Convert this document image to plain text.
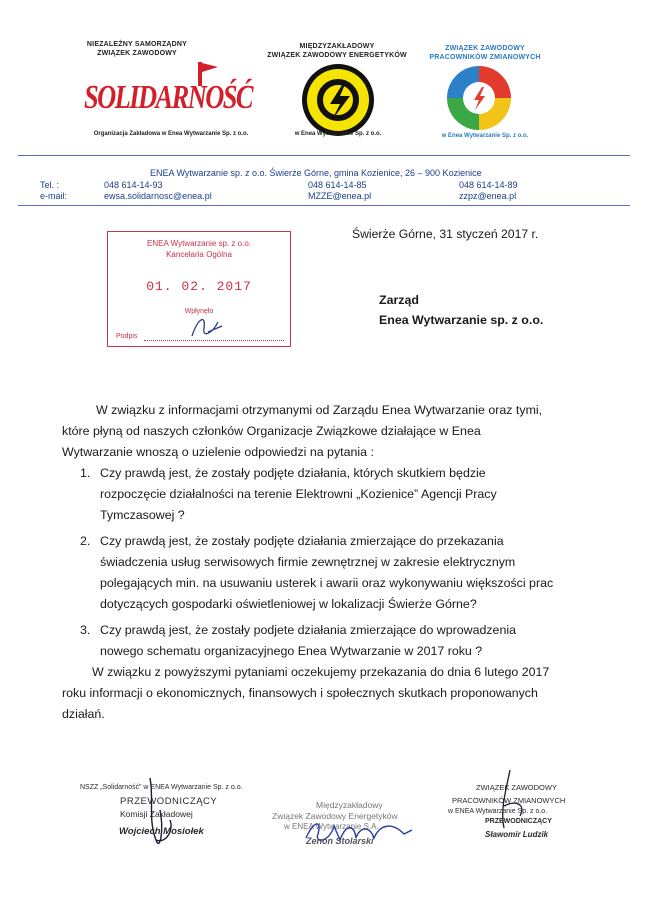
NIEZALEŻNY SAMORZĄDNY
ZWIĄZEK ZAWODOWY
SOLIDARNOŚĆ
Organizacja Zakładowa w Enea Wytwarzanie Sp. z o.o.
MIĘDZYZAKŁADOWY
ZWIĄZEK ZAWODOWY ENERGETYKÓW
w Enea Wytwarzanie Sp. z o.o.
ZWIĄZEK ZAWODOWY
PRACOWNIKÓW ZMIANOWYCH
w Enea Wytwarzanie Sp. z o.o.
ENEA Wytwarzanie sp. z o.o. Świerże Górne, gmina Kozienice, 26 – 900 Kozienice
Tel. :
e-mail:
048 614-14-93
ewsa.solidarnosc@enea.pl
048 614-14-85
MZZE@enea.pl
048 614-14-89
zzpz@enea.pl
ENEA Wytwarzanie sp. z o.o.
Kancelaria Ogólna
01. 02. 2017
Wpłynęło
Podpis
Świerże Górne, 31 styczeń 2017 r.
Zarząd
Enea Wytwarzanie sp. z o.o.
W związku z informacjami otrzymanymi od Zarządu Enea Wytwarzanie oraz tymi,
które płyną od naszych członków Organizacje Związkowe działające w Enea
Wytwarzanie wnoszą o uzielenie odpowiedzi na pytania :
1. Czy prawdą jest, że zostały podjęte działania, których skutkiem będzie
rozpoczęcie działalności na terenie Elektrowni „Kozienice” Agencji Pracy
Tymczasowej ?
2. Czy prawdą jest, że zostały podjęte działania zmierzające do przekazania
świadczenia usług serwisowych firmie zewnętrznej w zakresie elektrycznym
polegających min. na usuwaniu usterek i awarii oraz wykonywaniu większości prac
dotyczących gospodarki oświetleniowej w lokalizacji Świerże Górne?
3. Czy prawdą jest, że zostały podjete działania zmierzające do wprowadzenia
nowego schematu organizacyjnego Enea Wytwarzanie w 2017 roku ?
W związku z powyższymi pytaniami oczekujemy przekazania do dnia 6 lutego 2017
roku informacji o ekonomicznych, finansowych i społecznych skutkach proponowanych
działań.
NSZZ „Solidarność” w ENEA Wytwarzanie Sp. z o.o.
PRZEWODNICZĄCY
Komisji Zakładowej
Wojciech Mosiołek
Międzyzakładowy
Związek Zawodowy Energetyków
w ENEA Wytwarzanie S.A.
Zenon Stolarski
ZWIĄZEK ZAWODOWY
PRACOWNIKÓW ZMIANOWYCH
w ENEA Wytwarzanie Sp. z o.o.
PRZEWODNICZĄCY
Sławomir Ludzik
